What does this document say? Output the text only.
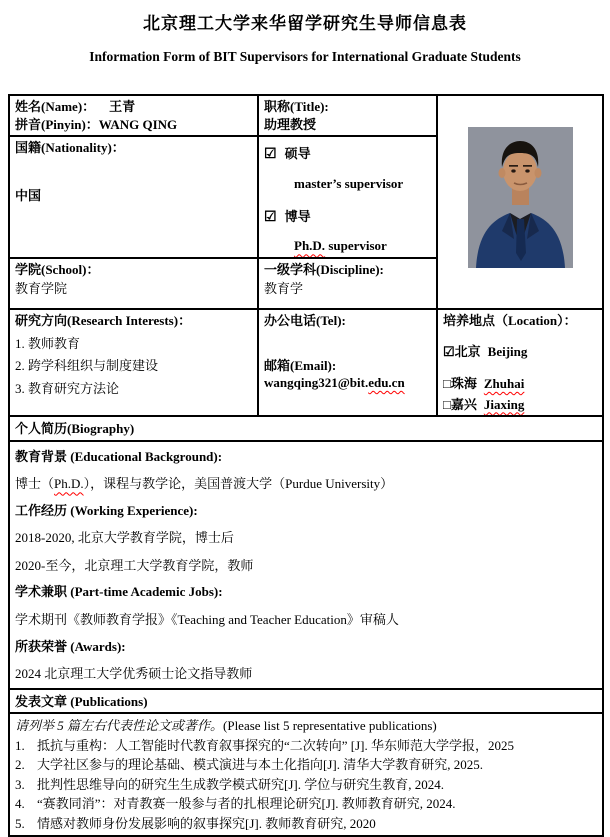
北京理工大学来华留学研究生导师信息表
Information Form of BIT Supervisors for International Graduate Students
姓名(Name)： 王青
拼音(Pinyin)：WANG QING

职称(Title):
助理教授

国籍(Nationality)：
中国

☑ 硕导
master’s supervisor
☑ 博导
Ph.D. supervisor

学院(School)：
教育学院

一级学科(Discipline):
教育学

研究方向(Research Interests)：
1. 教师教育
2. 跨学科组织与制度建设
3. 教育研究方法论

办公电话(Tel):
邮箱(Email):
wangqing321@bit.edu.cn

培养地点（Location）：
☑北京 Beijing
□珠海 Zhuhai
□嘉兴 Jiaxing

个人简历(Biography)		

教育背景 (Educational Background):
博士（Ph.D.），课程与教学论，美国普渡大学（Purdue University）
工作经历 (Working Experience):
2018-2020, 北京大学教育学院，博士后
2020-至今，北京理工大学教育学院，教师
学术兼职 (Part-time Academic Jobs):
学术期刊《教师教育学报》《Teaching and Teacher Education》审稿人
所获荣誉 (Awards):
2024 北京理工大学优秀硕士论文指导教师

发表文章 (Publications)		

请列举 5 篇左右代表性论文或著作。(Please list 5 representative publications)
1. 抵抗与重构：人工智能时代教育叙事探究的“二次转向” [J]. 华东师范大学学报，2025
2. 大学社区参与的理论基础、模式演进与本土化指向[J]. 清华大学教育研究, 2025.
3. 批判性思维导向的研究生生成教学模式研究[J]. 学位与研究生教育, 2024.
4. “赛教同消”：对青教赛一般参与者的扎根理论研究[J]. 教师教育研究, 2024.
5. 情感对教师身份发展影响的叙事探究[J]. 教师教育研究, 2020
